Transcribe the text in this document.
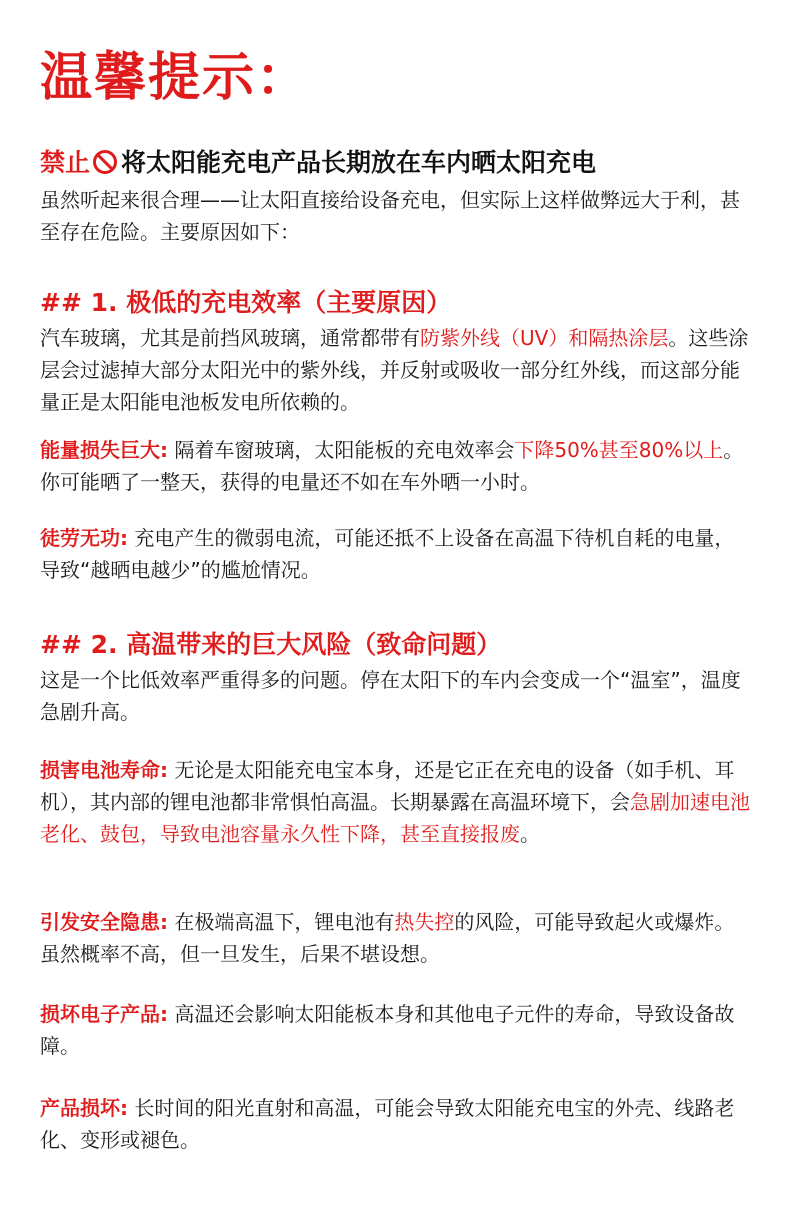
温馨提示：
禁止 将太阳能充电产品长期放在车内晒太阳充电
虽然听起来很合理——让太阳直接给设备充电，但实际上这样做弊远大于利，甚至存在危险。主要原因如下：
## 1. 极低的充电效率（主要原因）
汽车玻璃，尤其是前挡风玻璃，通常都带有防紫外线（UV）和隔热涂层。这些涂层会过滤掉大部分太阳光中的紫外线，并反射或吸收一部分红外线，而这部分能量正是太阳能电池板发电所依赖的。
能量损失巨大: 隔着车窗玻璃，太阳能板的充电效率会下降50%甚至80%以上。你可能晒了一整天，获得的电量还不如在车外晒一小时。
徒劳无功: 充电产生的微弱电流，可能还抵不上设备在高温下待机自耗的电量，导致“越晒电越少”的尴尬情况。
## 2. 高温带来的巨大风险（致命问题）
这是一个比低效率严重得多的问题。停在太阳下的车内会变成一个“温室”，温度急剧升高。
损害电池寿命: 无论是太阳能充电宝本身，还是它正在充电的设备（如手机、耳机），其内部的锂电池都非常惧怕高温。长期暴露在高温环境下，会急剧加速电池老化、鼓包，导致电池容量永久性下降，甚至直接报废。
引发安全隐患: 在极端高温下，锂电池有热失控的风险，可能导致起火或爆炸。虽然概率不高，但一旦发生，后果不堪设想。
损坏电子产品: 高温还会影响太阳能板本身和其他电子元件的寿命，导致设备故障。
产品损坏: 长时间的阳光直射和高温，可能会导致太阳能充电宝的外壳、线路老化、变形或褪色。
